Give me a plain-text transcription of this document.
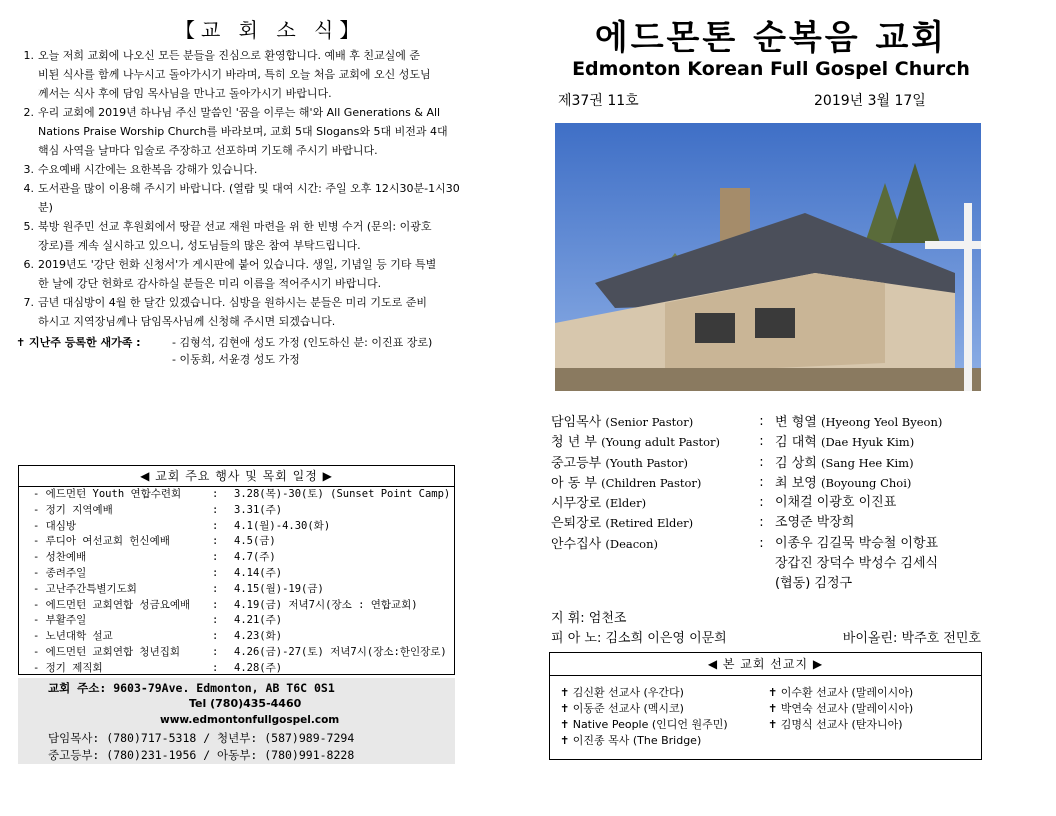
【교 회 소 식】
1. 오늘 저희 교회에 나오신 모든 분들을 진심으로 환영합니다. 예배 후 친교실에 준
비된 식사를 함께 나누시고 돌아가시기 바라며, 특히 오늘 처음 교회에 오신 성도님
께서는 식사 후에 담임 목사님을 만나고 돌아가시기 바랍니다.
2. 우리 교회에 2019년 하나님 주신 말씀인 '꿈을 이루는 해'와 All Generations & All
Nations Praise Worship Church를 바라보며, 교회 5대 Slogans와 5대 비전과 4대
핵심 사역을 날마다 입술로 주장하고 선포하며 기도해 주시기 바랍니다.
3. 수요예배 시간에는 요한복음 강해가 있습니다.
4. 도서관을 많이 이용해 주시기 바랍니다. (열람 및 대여 시간: 주일 오후 12시30분-1시30분)
5. 북방 원주민 선교 후원회에서 땅끝 선교 재원 마련을 위 한 빈병 수거 (문의: 이광호
장로)를 계속 실시하고 있으니, 성도님들의 많은 참여 부탁드립니다.
6. 2019년도 '강단 헌화 신청서'가 게시판에 붙어 있습니다. 생일, 기념일 등 기타 특별
한 날에 강단 헌화로 감사하실 분들은 미리 이름을 적어주시기 바랍니다.
7. 금년 대심방이 4월 한 달간 있겠습니다. 심방을 원하시는 분들은 미리 기도로 준비
하시고 지역장님께나 담임목사님께 신청해 주시면 되겠습니다.
✝ 지난주 등록한 새가족 :	- 김형석, 김현애 성도 가정 (인도하신 분: 이진표 장로)
- 이동희, 서윤경 성도 가정
◀ 교회 주요 행사 및 목회 일정 ▶
- 에드먼턴 Youth 연합수련회	:	3.28(목)-30(토) (Sunset Point Camp)
- 정기 지역예배	:	3.31(주)
- 대심방	:	4.1(월)-4.30(화)
- 루디아 여선교회 헌신예배	:	4.5(금)
- 성찬예배	:	4.7(주)
- 종려주일	:	4.14(주)
- 고난주간특별기도회	:	4.15(월)-19(금)
- 에드먼턴 교회연합 성금요예배	:	4.19(금) 저녁7시(장소 : 연합교회)
- 부활주일	:	4.21(주)
- 노년대학 설교	:	4.23(화)
- 에드먼턴 교회연합 청년집회	:	4.26(금)-27(토) 저녁7시(장소:한인장로)
- 정기 제직회	:	4.28(주)
교회 주소: 9603-79Ave. Edmonton, AB T6C 0S1
Tel (780)435-4460
www.edmontonfullgospel.com
담임목사: (780)717-5318 / 청년부: (587)989-7294
중고등부: (780)231-1956 / 아동부: (780)991-8228
에드몬톤 순복음 교회
Edmonton Korean Full Gospel Church
제37권 11호	2019년 3월 17일
담임목사 (Senior Pastor)	: 변 형열 (Hyeong Yeol Byeon)
청 년 부 (Young adult Pastor)	: 김 대혁 (Dae Hyuk Kim)
중고등부 (Youth Pastor)	: 김 상희 (Sang Hee Kim)
아 동 부 (Children Pastor)	: 최 보영 (Boyoung Choi)
시무장로 (Elder)	: 이채걸 이광호 이진표
은퇴장로 (Retired Elder)	: 조영준 박장희
안수집사 (Deacon)	: 이종우 김길묵 박승철 이항표
장갑진 장덕수 박성수 김세식
(협동) 김정구
지 휘: 엄천조
피 아 노: 김소희 이은영 이문희	바이올린: 박주호 전민호
◀ 본 교회 선교지 ▶
✝ 김신환 선교사 (우간다)	✝ 이수환 선교사 (말레이시아)
✝ 이동준 선교사 (멕시코)	✝ 박연숙 선교사 (말레이시아)
✝ Native People (인디언 원주민)	✝ 김명식 선교사 (탄자니아)
✝ 이진종 목사 (The Bridge)
